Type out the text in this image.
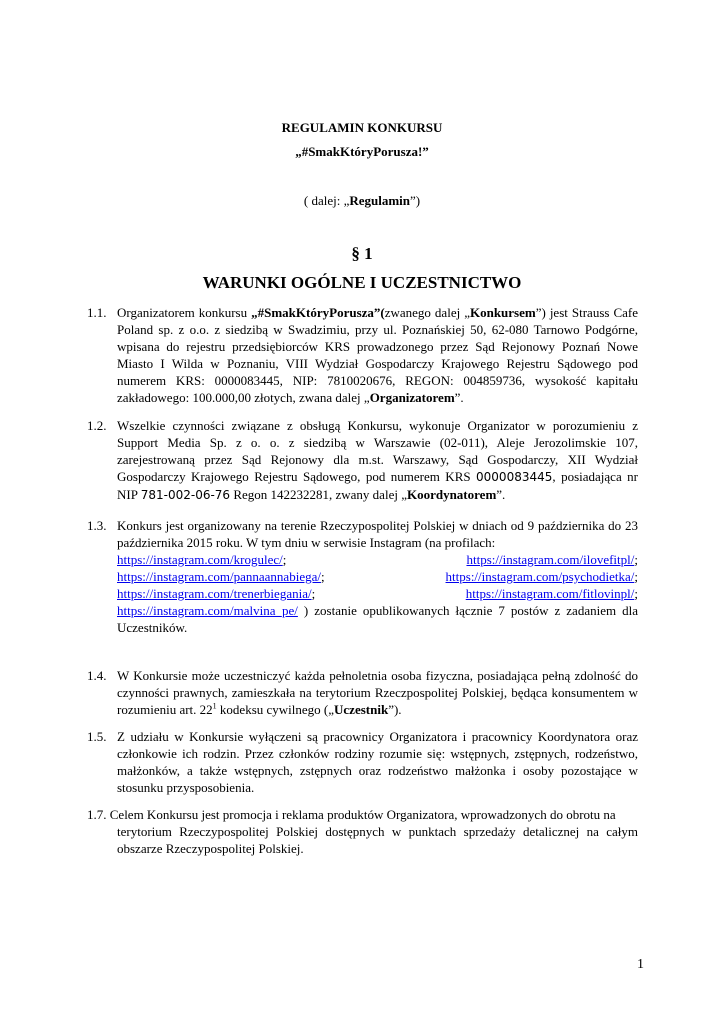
REGULAMIN KONKURSU
„#SmakKtóryPorusza!”
( dalej: „Regulamin”)
§ 1
WARUNKI OGÓLNE I UCZESTNICTWO
1.1. Organizatorem konkursu „#SmakKtóryPorusza”(zwanego dalej „Konkursem”) jest Strauss Cafe Poland sp. z o.o. z siedzibą w Swadzimiu, przy ul. Poznańskiej 50, 62-080 Tarnowo Podgórne, wpisana do rejestru przedsiębiorców KRS prowadzonego przez Sąd Rejonowy Poznań Nowe Miasto I Wilda w Poznaniu, VIII Wydział Gospodarczy Krajowego Rejestru Sądowego pod numerem KRS: 0000083445, NIP: 7810020676, REGON: 004859736, wysokość kapitału zakładowego: 100.000,00 złotych, zwana dalej „Organizatorem”.
1.2. Wszelkie czynności związane z obsługą Konkursu, wykonuje Organizator w porozumieniu z Support Media Sp. z o. o. z siedzibą w Warszawie (02-011), Aleje Jerozolimskie 107, zarejestrowaną przez Sąd Rejonowy dla m.st. Warszawy, Sąd Gospodarczy, XII Wydział Gospodarczy Krajowego Rejestru Sądowego, pod numerem KRS 0000083445, posiadająca nr NIP 781-002-06-76 Regon 142232281, zwany dalej „Koordynatorem”.
1.3. Konkurs jest organizowany na terenie Rzeczypospolitej Polskiej w dniach od 9 października do 23 października 2015 roku. W tym dniu w serwisie Instagram (na profilach:
https://instagram.com/krogulec/;	https://instagram.com/ilovefitpl/;
https://instagram.com/pannaannabiega/;	https://instagram.com/psychodietka/;
https://instagram.com/trenerbiegania/;	https://instagram.com/fitlovinpl/;
https://instagram.com/malvina_pe/ ) zostanie opublikowanych łącznie 7 postów z zadaniem dla Uczestników.
1.4. W Konkursie może uczestniczyć każda pełnoletnia osoba fizyczna, posiadająca pełną zdolność do czynności prawnych, zamieszkała na terytorium Rzeczpospolitej Polskiej, będąca konsumentem w rozumieniu art. $22^1$ kodeksu cywilnego („Uczestnik”).
1.5. Z udziału w Konkursie wyłączeni są pracownicy Organizatora i pracownicy Koordynatora oraz członkowie ich rodzin. Przez członków rodziny rozumie się: wstępnych, zstępnych, rodzeństwo, małżonków, a także wstępnych, zstępnych oraz rodzeństwo małżonka i osoby pozostające w stosunku przysposobienia.
1.7. Celem Konkursu jest promocja i reklama produktów Organizatora, wprowadzonych do obrotu na
terytorium Rzeczypospolitej Polskiej dostępnych w punktach sprzedaży detalicznej na całym obszarze Rzeczypospolitej Polskiej.
1
